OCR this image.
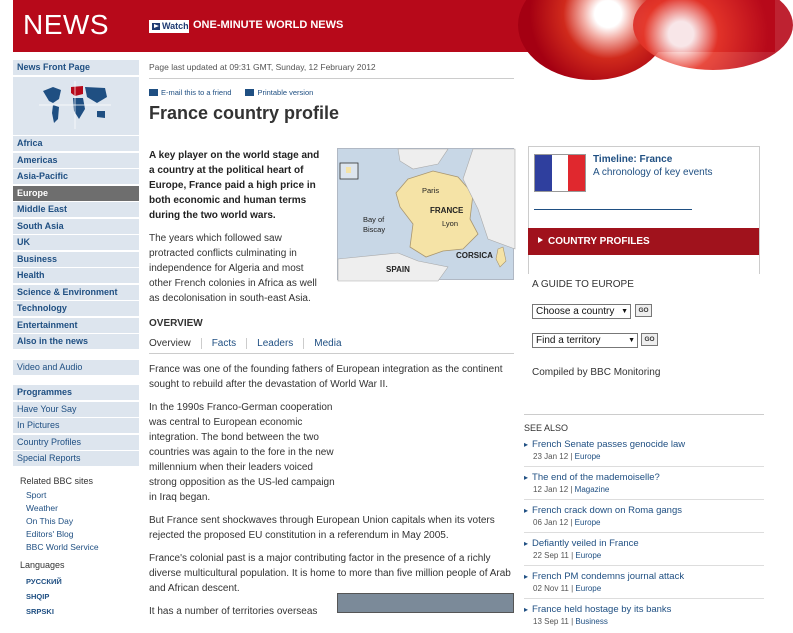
NEWS	Watch ONE-MINUTE WORLD NEWS
News Front Page
Africa
Americas
Asia-Pacific
Europe
Middle East
South Asia
UK
Business
Health
Science & Environment
Technology
Entertainment
Also in the news
Video and Audio
Programmes
Have Your Say
In Pictures
Country Profiles
Special Reports
Related BBC sites
Sport
Weather
On This Day
Editors' Blog
BBC World Service
Languages
РУССКИЙ
SHQIP
SRPSKI
Page last updated at 09:31 GMT, Sunday, 12 February 2012
E-mail this to a friend	Printable version
France country profile
A key player on the world stage and a country at the political heart of Europe, France paid a high price in both economic and human terms during the two world wars.
The years which followed saw protracted conflicts culminating in independence for Algeria and most other French colonies in Africa as well as decolonisation in south-east Asia.
Paris
FRANCE
Lyon
Bay of Biscay
SPAIN
CORSICA
OVERVIEW
Overview	Facts	Leaders	Media
France was one of the founding fathers of European integration as the continent sought to rebuild after the devastation of World War II.
In the 1990s Franco-German cooperation was central to European economic integration. The bond between the two countries was again to the fore in the new millennium when their leaders voiced strong opposition as the US-led campaign in Iraq began.
But France sent shockwaves through European Union capitals when its voters rejected the proposed EU constitution in a referendum in May 2005.
France's colonial past is a major contributing factor in the presence of a richly diverse multicultural population. It is home to more than five million people of Arab and African descent.
It has a number of territories overseas
Timeline: France
A chronology of key events
COUNTRY PROFILES
A GUIDE TO EUROPE
Choose a country ▼	GO
Find a territory	▼	GO
Compiled by BBC Monitoring
SEE ALSO
▸ French Senate passes genocide law
23 Jan 12 | Europe
▸ The end of the mademoiselle?
12 Jan 12 | Magazine
▸ French crack down on Roma gangs
06 Jan 12 | Europe
▸ Defiantly veiled in France
22 Sep 11 | Europe
▸ French PM condemns journal attack
02 Nov 11 | Europe
▸ France held hostage by its banks
13 Sep 11 | Business
